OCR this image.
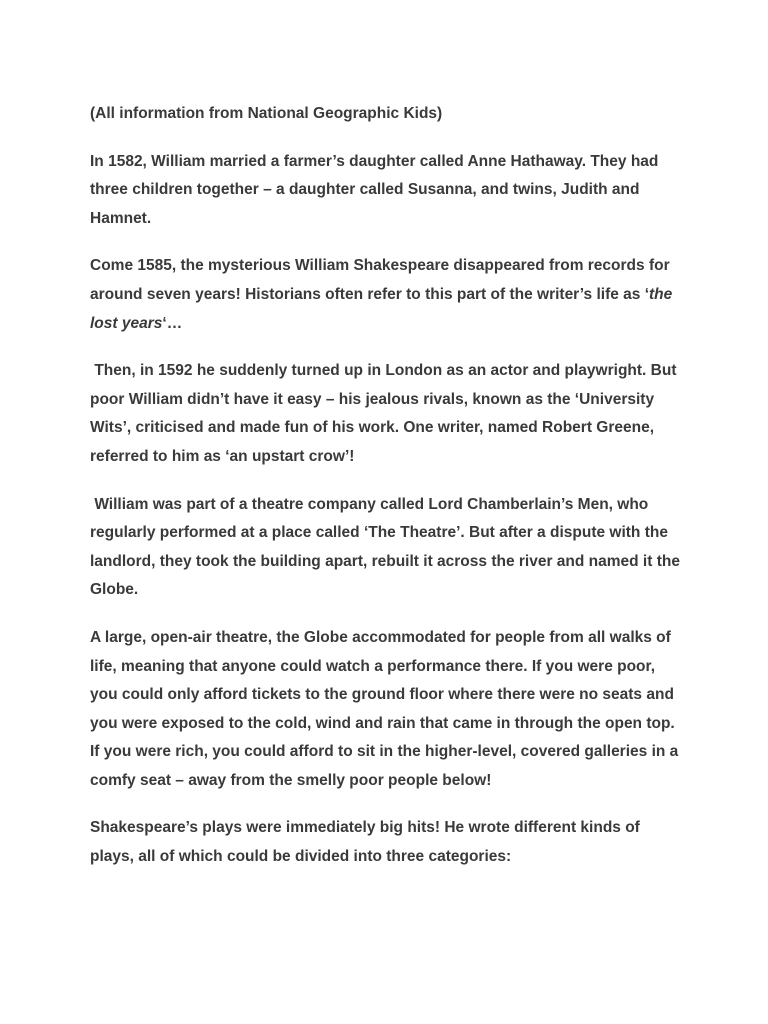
(All information from National Geographic Kids)

In 1582, William married a farmer’s daughter called Anne Hathaway. They had three children together – a daughter called Susanna, and twins, Judith and Hamnet.

Come 1585, the mysterious William Shakespeare disappeared from records for around seven years! Historians often refer to this part of the writer’s life as ‘the lost years‘…

Then, in 1592 he suddenly turned up in London as an actor and playwright. But poor William didn’t have it easy – his jealous rivals, known as the ‘University Wits’, criticised and made fun of his work. One writer, named Robert Greene, referred to him as ‘an upstart crow’!

William was part of a theatre company called Lord Chamberlain’s Men, who regularly performed at a place called ‘The Theatre’. But after a dispute with the landlord, they took the building apart, rebuilt it across the river and named it the Globe.

A large, open-air theatre, the Globe accommodated for people from all walks of life, meaning that anyone could watch a performance there. If you were poor, you could only afford tickets to the ground floor where there were no seats and you were exposed to the cold, wind and rain that came in through the open top. If you were rich, you could afford to sit in the higher-level, covered galleries in a comfy seat – away from the smelly poor people below!

Shakespeare’s plays were immediately big hits! He wrote different kinds of plays, all of which could be divided into three categories:
